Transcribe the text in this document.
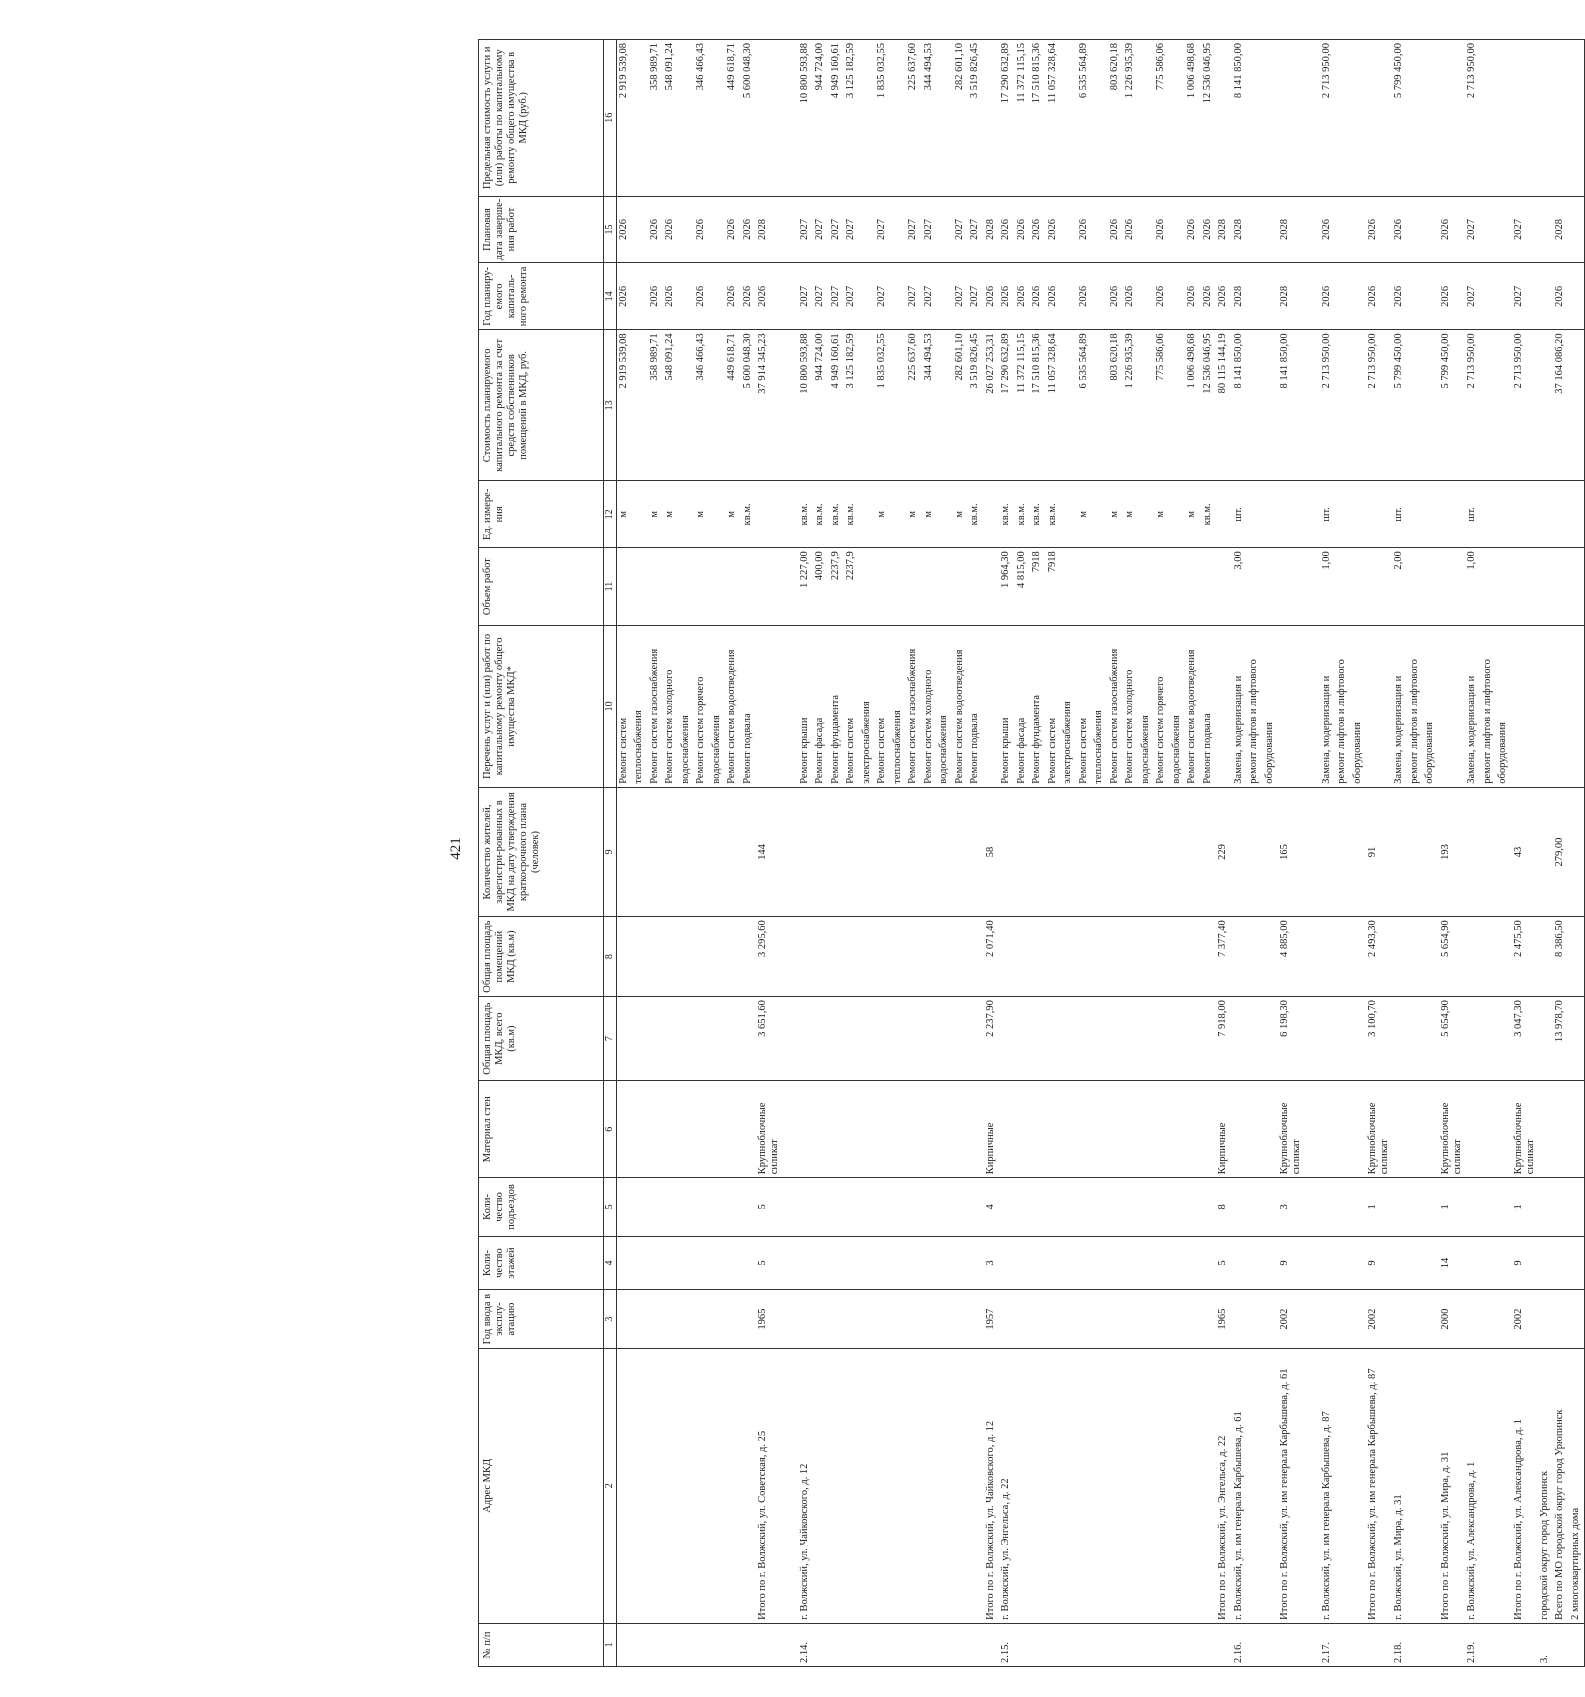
421
№ п/п	Адрес МКД	Год ввода в эксплу-атацию	Коли-чество этажей	Коли-чество подъездов	Материал стен	Общая площадь МКД, всего (кв.м)	Общая площадь помещений МКД (кв.м)	Количество жителей, зарегистри-рованных в МКД на дату утверждения краткосрочного плана (человек)	Перечень услуг и (или) работ по капитальному ремонту общего имущества МКД*	Объем работ	Ед. измере-ния	Стоимость планируемого капитального ремонта за счет средств собственников помещений в МКД, руб.	Год планиру-емого капиталь-ного ремонта	Плановая дата заверше-ния работ	Предельная стоимость услуги и (или) работы по капитальному ремонту общего имущества в МКД (руб.)
1	2	3	4	5	6	7	8	9	10	11	12	13	14	15	16
									Ремонт систем		м	2 919 539,08	2026	2026	2 919 539,08
									теплоснабжения						
									Ремонт систем газоснабжения		м	358 989,71	2026	2026	358 989,71
									Ремонт систем холодного		м	548 091,24	2026	2026	548 091,24
									водоснабжения						
									Ремонт систем горячего		м	346 466,43	2026	2026	346 466,43
									водоснабжения						
									Ремонт систем водоотведения		м	449 618,71	2026	2026	449 618,71
									Ремонт подвала		кв.м.	5 600 048,30	2026	2026	5 600 048,30
	Итого по г. Волжский, ул. Советская, д. 25	1965	5	5	Крупноблочные силикат	3 651,60	3 295,60	144				37 914 345,23	2026	2028	

2.14.	г. Волжский, ул. Чайковского, д. 12								Ремонт крыши	1 227,00	кв.м.	10 800 593,88	2027	2027	10 800 593,88
									Ремонт фасада	400,00	кв.м.	944 724,00	2027	2027	944 724,00
									Ремонт фундамента	2237,9	кв.м.	4 949 160,61	2027	2027	4 949 160,61
									Ремонт систем	2237,9	кв.м.	3 125 182,59	2027	2027	3 125 182,59
									электроснабжения						
									Ремонт систем		м	1 835 032,55	2027	2027	1 835 032,55
									теплоснабжения						
									Ремонт систем газоснабжения		м	225 637,60	2027	2027	225 637,60
									Ремонт систем холодного		м	344 494,53	2027	2027	344 494,53
									водоснабжения						
									Ремонт систем водоотведения		м	282 601,10	2027	2027	282 601,10
									Ремонт подвала		кв.м.	3 519 826,45	2027	2027	3 519 826,45
	Итого по г. Волжский, ул. Чайковского, д. 12	1957	3	4	Кирпичные	2 237,90	2 071,40	58				26 027 253,31	2026	2028	
2.15.	г. Волжский, ул. Энгельса, д. 22								Ремонт крыши	1 964,30	кв.м.	17 290 632,89	2026	2026	17 290 632,89
									Ремонт фасада	4 815,00	кв.м.	11 372 115,15	2026	2026	11 372 115,15
									Ремонт фундамента	7918	кв.м.	17 510 815,36	2026	2026	17 510 815,36
									Ремонт систем	7918	кв.м.	11 057 328,64	2026	2026	11 057 328,64
									электроснабжения						
									Ремонт систем		м	6 535 564,89	2026	2026	6 535 564,89
									теплоснабжения						
									Ремонт систем газоснабжения		м	803 620,18	2026	2026	803 620,18
									Ремонт систем холодного		м	1 226 935,39	2026	2026	1 226 935,39
									водоснабжения						
									Ремонт систем горячего		м	775 586,06	2026	2026	775 586,06
									водоснабжения						
									Ремонт систем водоотведения		м	1 006 498,68	2026	2026	1 006 498,68
									Ремонт подвала		кв.м.	12 536 046,95	2026	2026	12 536 046,95
	Итого по г. Волжский, ул. Энгельса, д. 22	1965	5	8	Кирпичные	7 918,00	7 377,40	229				80 115 144,19	2026	2028	
2.16.	г. Волжский, ул. им генерала Карбышева, д. 61								Замена, модернизация и	3,00	шт.	8 141 850,00	2028	2028	8 141 850,00
									ремонт лифтов и лифтового						
									оборудования						
	Итого по г. Волжский, ул. им генерала Карбышева, д. 61	2002	9	3	Крупноблочные силикат	6 198,30	4 885,00	165				8 141 850,00	2028	2028	

2.17.	г. Волжский, ул. им генерала Карбышева, д. 87								Замена, модернизация и	1,00	шт.	2 713 950,00	2026	2026	2 713 950,00
									ремонт лифтов и лифтового						
									оборудования						
	Итого по г. Волжский, ул. им генерала Карбышева, д. 87	2002	9	1	Крупноблочные силикат	3 100,70	2 493,30	91				2 713 950,00	2026	2026	
2.18.	г. Волжский, ул. Мира, д. 31								Замена, модернизация и	2,00	шт.	5 799 450,00	2026	2026	5 799 450,00
									ремонт лифтов и лифтового						
									оборудования						
	Итого по г. Волжский, ул. Мира, д. 31	2000	14	1	Крупноблочные силикат	5 654,90	5 654,90	193				5 799 450,00	2026	2026	
2.19.	г. Волжский, ул. Александрова, д. 1								Замена, модернизация и	1,00	шт.	2 713 950,00	2027	2027	2 713 950,00
									ремонт лифтов и лифтового						
									оборудования						
	Итого по г. Волжский, ул. Александрова, д. 1	2002	9	1	Крупноблочные силикат	3 047,30	2 475,50	43				2 713 950,00	2027	2027	
3.	городской округ город Урюпинск														
	Всего по МО городской округ город Урюпинск					13 978,70	8 386,50	279,00				37 164 086,20	2026	2028	
	2 многоквартирных дома														
